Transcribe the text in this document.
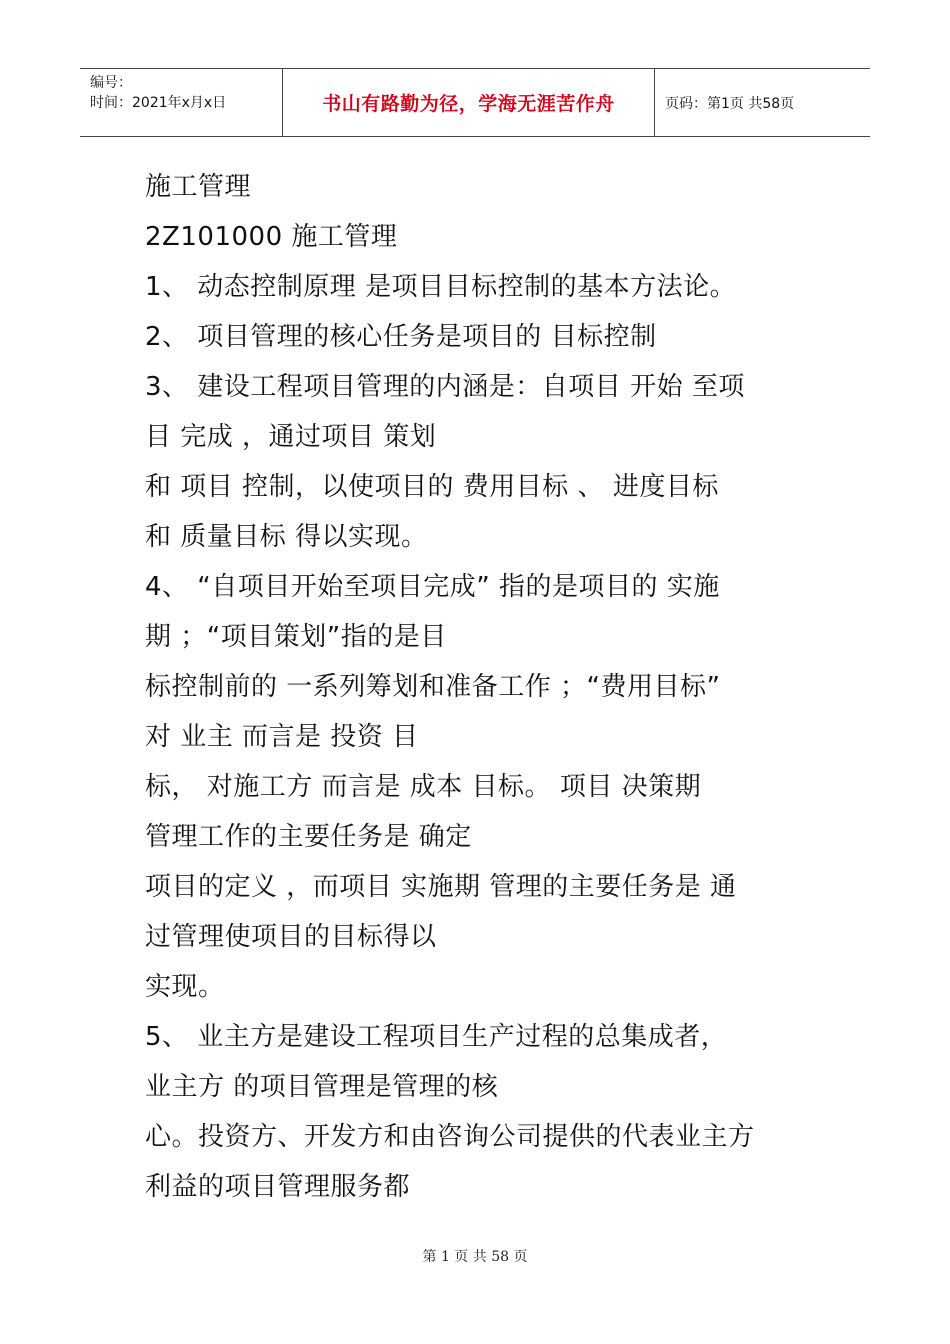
编号：
时间：2021年x月x日	书山有路勤为径，学海无涯苦作舟	页码：第1页 共58页
施工管理
2Z101000 施工管理
1、 动态控制原理 是项目目标控制的基本方法论。
2、 项目管理的核心任务是项目的 目标控制
3、 建设工程项目管理的内涵是：自项目 开始 至项
目 完成 ，通过项目 策划
和 项目 控制，以使项目的 费用目标 、 进度目标
和 质量目标 得以实现。
4、 “自项目开始至项目完成” 指的是项目的 实施
期 ；“项目策划”指的是目
标控制前的 一系列筹划和准备工作 ；“费用目标”
对 业主 而言是 投资 目
标， 对施工方 而言是 成本 目标。 项目 决策期
管理工作的主要任务是 确定
项目的定义 ，而项目 实施期 管理的主要任务是 通
过管理使项目的目标得以
实现。
5、 业主方是建设工程项目生产过程的总集成者，
业主方 的项目管理是管理的核
心。投资方、开发方和由咨询公司提供的代表业主方
利益的项目管理服务都
第 1 页 共 58 页
